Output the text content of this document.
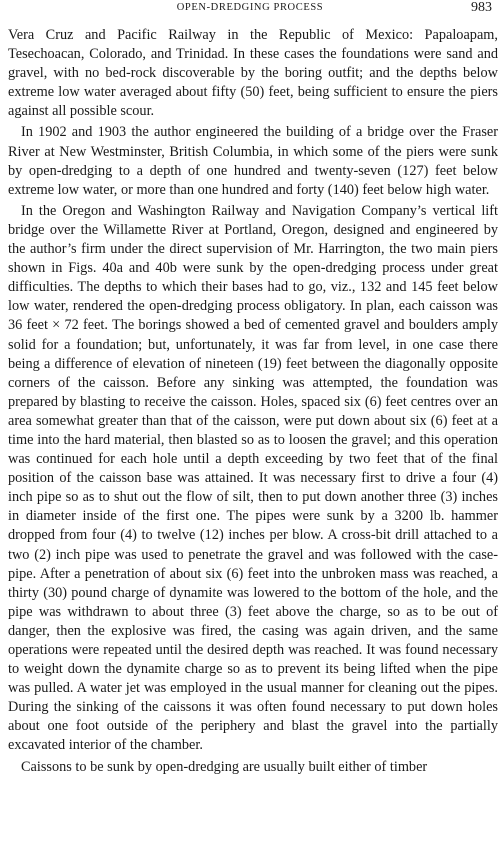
OPEN-DREDGING PROCESS	983

Vera Cruz and Pacific Railway in the Republic of Mexico: Papaloapam, Tesechoacan, Colorado, and Trinidad. In these cases the foundations were sand and gravel, with no bed-rock discoverable by the boring outfit; and the depths below extreme low water averaged about fifty (50) feet, being sufficient to ensure the piers against all possible scour.

In 1902 and 1903 the author engineered the building of a bridge over the Fraser River at New Westminster, British Columbia, in which some of the piers were sunk by open-dredging to a depth of one hundred and twenty-seven (127) feet below extreme low water, or more than one hundred and forty (140) feet below high water.

In the Oregon and Washington Railway and Navigation Company’s vertical lift bridge over the Willamette River at Portland, Oregon, designed and engineered by the author’s firm under the direct supervision of Mr. Harrington, the two main piers shown in Figs. 40a and 40b were sunk by the open-dredging process under great difficulties. The depths to which their bases had to go, viz., 132 and 145 feet below low water, rendered the open-dredging process obligatory. In plan, each caisson was 36 feet × 72 feet. The borings showed a bed of cemented gravel and boulders amply solid for a foundation; but, unfortunately, it was far from level, in one case there being a difference of elevation of nineteen (19) feet between the diagonally opposite corners of the caisson. Before any sinking was attempted, the foundation was prepared by blasting to receive the caisson. Holes, spaced six (6) feet centres over an area somewhat greater than that of the caisson, were put down about six (6) feet at a time into the hard material, then blasted so as to loosen the gravel; and this operation was continued for each hole until a depth exceeding by two feet that of the final position of the caisson base was attained. It was necessary first to drive a four (4) inch pipe so as to shut out the flow of silt, then to put down another three (3) inches in diameter inside of the first one. The pipes were sunk by a 3200 lb. hammer dropped from four (4) to twelve (12) inches per blow. A cross-bit drill attached to a two (2) inch pipe was used to penetrate the gravel and was followed with the case-pipe. After a penetration of about six (6) feet into the unbroken mass was reached, a thirty (30) pound charge of dynamite was lowered to the bottom of the hole, and the pipe was withdrawn to about three (3) feet above the charge, so as to be out of danger, then the explosive was fired, the casing was again driven, and the same operations were repeated until the desired depth was reached. It was found necessary to weight down the dynamite charge so as to prevent its being lifted when the pipe was pulled. A water jet was employed in the usual manner for cleaning out the pipes. During the sinking of the caissons it was often found necessary to put down holes about one foot outside of the periphery and blast the gravel into the partially excavated interior of the chamber.

Caissons to be sunk by open-dredging are usually built either of timber
